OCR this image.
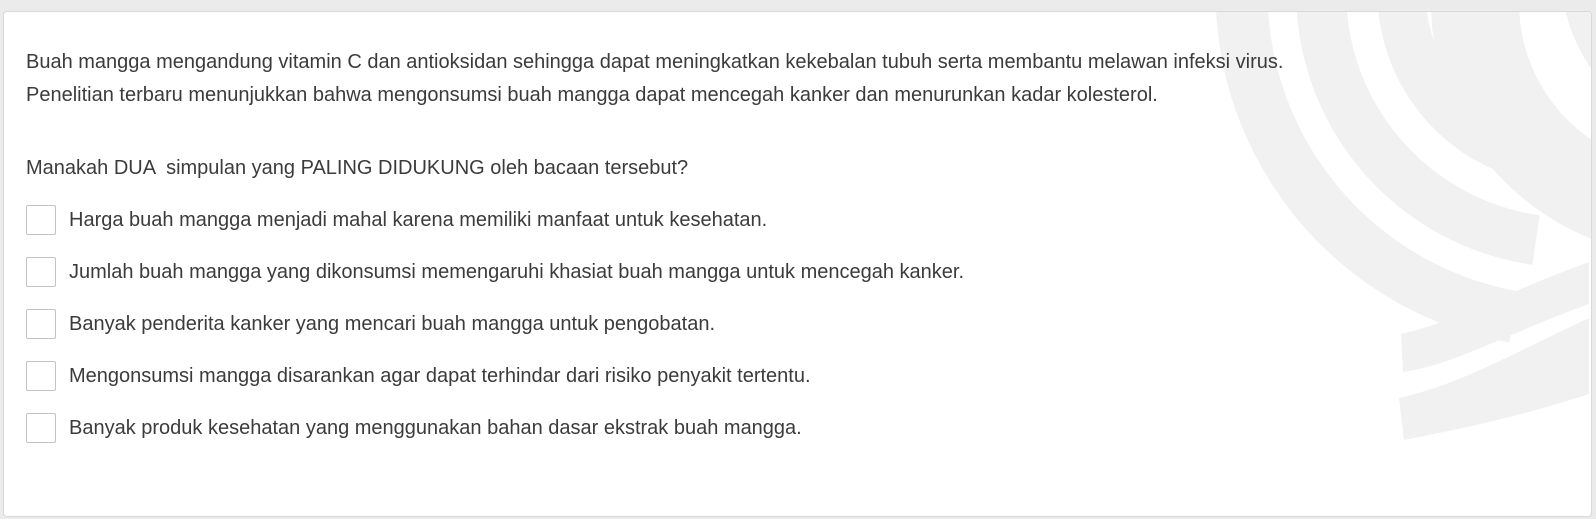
Buah mangga mengandung vitamin C dan antioksidan sehingga dapat meningkatkan kekebalan tubuh serta membantu melawan infeksi virus.
Penelitian terbaru menunjukkan bahwa mengonsumsi buah mangga dapat mencegah kanker dan menurunkan kadar kolesterol.

Manakah DUA  simpulan yang PALING DIDUKUNG oleh bacaan tersebut?

Harga buah mangga menjadi mahal karena memiliki manfaat untuk kesehatan.
Jumlah buah mangga yang dikonsumsi memengaruhi khasiat buah mangga untuk mencegah kanker.
Banyak penderita kanker yang mencari buah mangga untuk pengobatan.
Mengonsumsi mangga disarankan agar dapat terhindar dari risiko penyakit tertentu.
Banyak produk kesehatan yang menggunakan bahan dasar ekstrak buah mangga.
